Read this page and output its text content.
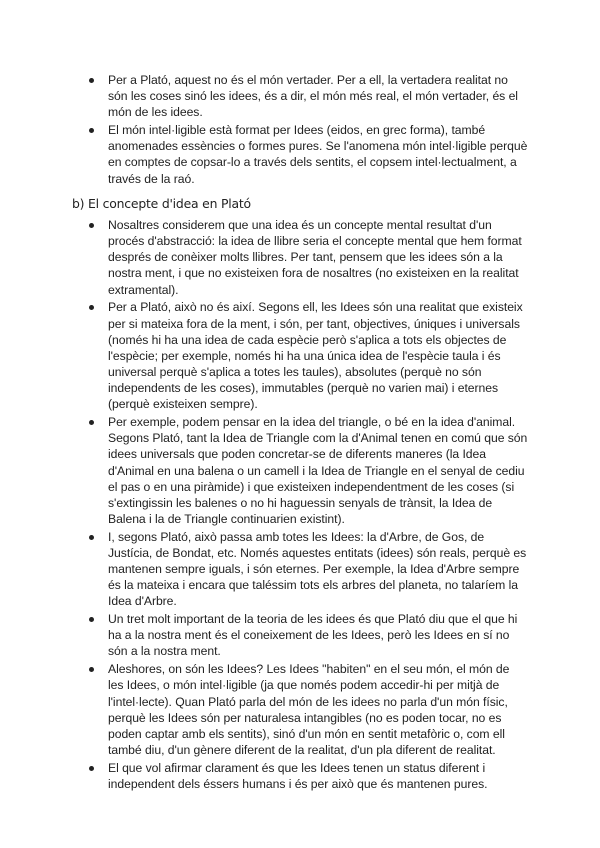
Per a Plató, aquest no és el món vertader. Per a ell, la vertadera realitat no són les coses sinó les idees, és a dir, el món més real, el món vertader, és el món de les idees.
El món intel·ligible està format per Idees (eidos, en grec forma), també anomenades essències o formes pures. Se l'anomena món intel·ligible perquè en comptes de copsar-lo a través dels sentits, el copsem intel·lectualment, a través de la raó.
b) El concepte d'idea en Plató
Nosaltres considerem que una idea és un concepte mental resultat d'un procés d'abstracció: la idea de llibre seria el concepte mental que hem format després de conèixer molts llibres. Per tant, pensem que les idees són a la nostra ment, i que no existeixen fora de nosaltres (no existeixen en la realitat extramental).
Per a Plató, això no és així. Segons ell, les Idees són una realitat que existeix per si mateixa fora de la ment, i són, per tant, objectives, úniques i universals (només hi ha una idea de cada espècie però s'aplica a tots els objectes de l'espècie; per exemple, només hi ha una única idea de l'espècie taula i és universal perquè s'aplica a totes les taules), absolutes (perquè no són independents de les coses), immutables (perquè no varien mai) i eternes (perquè existeixen sempre).
Per exemple, podem pensar en la idea del triangle, o bé en la idea d'animal. Segons Plató, tant la Idea de Triangle com la d'Animal tenen en comú que són idees universals que poden concretar-se de diferents maneres (la Idea d'Animal en una balena o un camell i la Idea de Triangle en el senyal de cediu el pas o en una piràmide) i que existeixen independentment de les coses (si s'extingissin les balenes o no hi haguessin senyals de trànsit, la Idea de Balena i la de Triangle continuarien existint).
I, segons Plató, això passa amb totes les Idees: la d'Arbre, de Gos, de Justícia, de Bondat, etc. Només aquestes entitats (idees) són reals, perquè es mantenen sempre iguals, i són eternes. Per exemple, la Idea d'Arbre sempre és la mateixa i encara que taléssim tots els arbres del planeta, no talaríem la Idea d'Arbre.
Un tret molt important de la teoria de les idees és que Plató diu que el que hi ha a la nostra ment és el coneixement de les Idees, però les Idees en sí no són a la nostra ment.
Aleshores, on són les Idees? Les Idees "habiten" en el seu món, el món de les Idees, o món intel·ligible (ja que només podem accedir-hi per mitjà de l'intel·lecte). Quan Plató parla del món de les idees no parla d'un món físic, perquè les Idees són per naturalesa intangibles (no es poden tocar, no es poden captar amb els sentits), sinó d'un món en sentit metafòric o, com ell també diu, d'un gènere diferent de la realitat, d'un pla diferent de realitat.
El que vol afirmar clarament és que les Idees tenen un status diferent i independent dels éssers humans i és per això que és mantenen pures.
